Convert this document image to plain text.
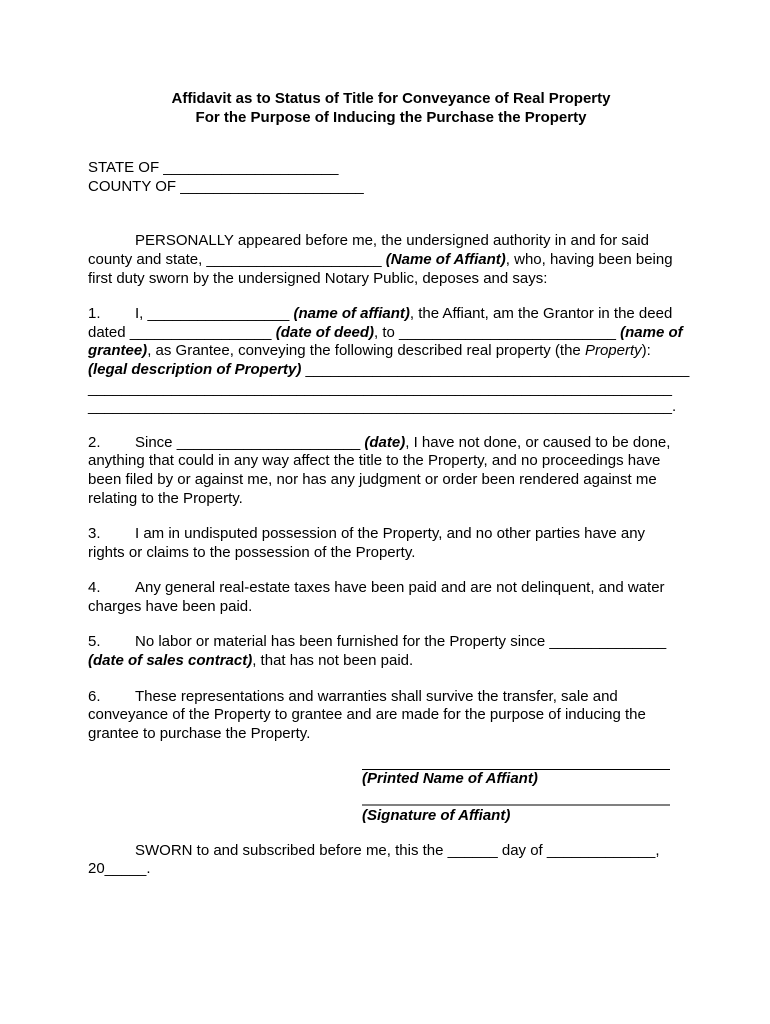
Affidavit as to Status of Title for Conveyance of Real Property
For the Purpose of Inducing the Purchase the Property
STATE OF _____________________
COUNTY OF ______________________
PERSONALLY appeared before me, the undersigned authority in and for said
county and state, _____________________ (Name of Affiant), who, having been being
first duty sworn by the undersigned Notary Public, deposes and says:
1. I, _________________ (name of affiant), the Affiant, am the Grantor in the deed
dated _________________ (date of deed), to __________________________ (name of
grantee), as Grantee, conveying the following described real property (the Property):
(legal description of Property) ______________________________________________
______________________________________________________________________
______________________________________________________________________.
2. Since ______________________ (date), I have not done, or caused to be done,
anything that could in any way affect the title to the Property, and no proceedings have
been filed by or against me, nor has any judgment or order been rendered against me
relating to the Property.
3. I am in undisputed possession of the Property, and no other parties have any
rights or claims to the possession of the Property.
4. Any general real-estate taxes have been paid and are not delinquent, and water
charges have been paid.
5. No labor or material has been furnished for the Property since ______________
(date of sales contract), that has not been paid.
6. These representations and warranties shall survive the transfer, sale and
conveyance of the Property to grantee and are made for the purpose of inducing the
grantee to purchase the Property.
(Printed Name of Affiant)
(Signature of Affiant)
SWORN to and subscribed before me, this the ______ day of _____________,
20_____.
